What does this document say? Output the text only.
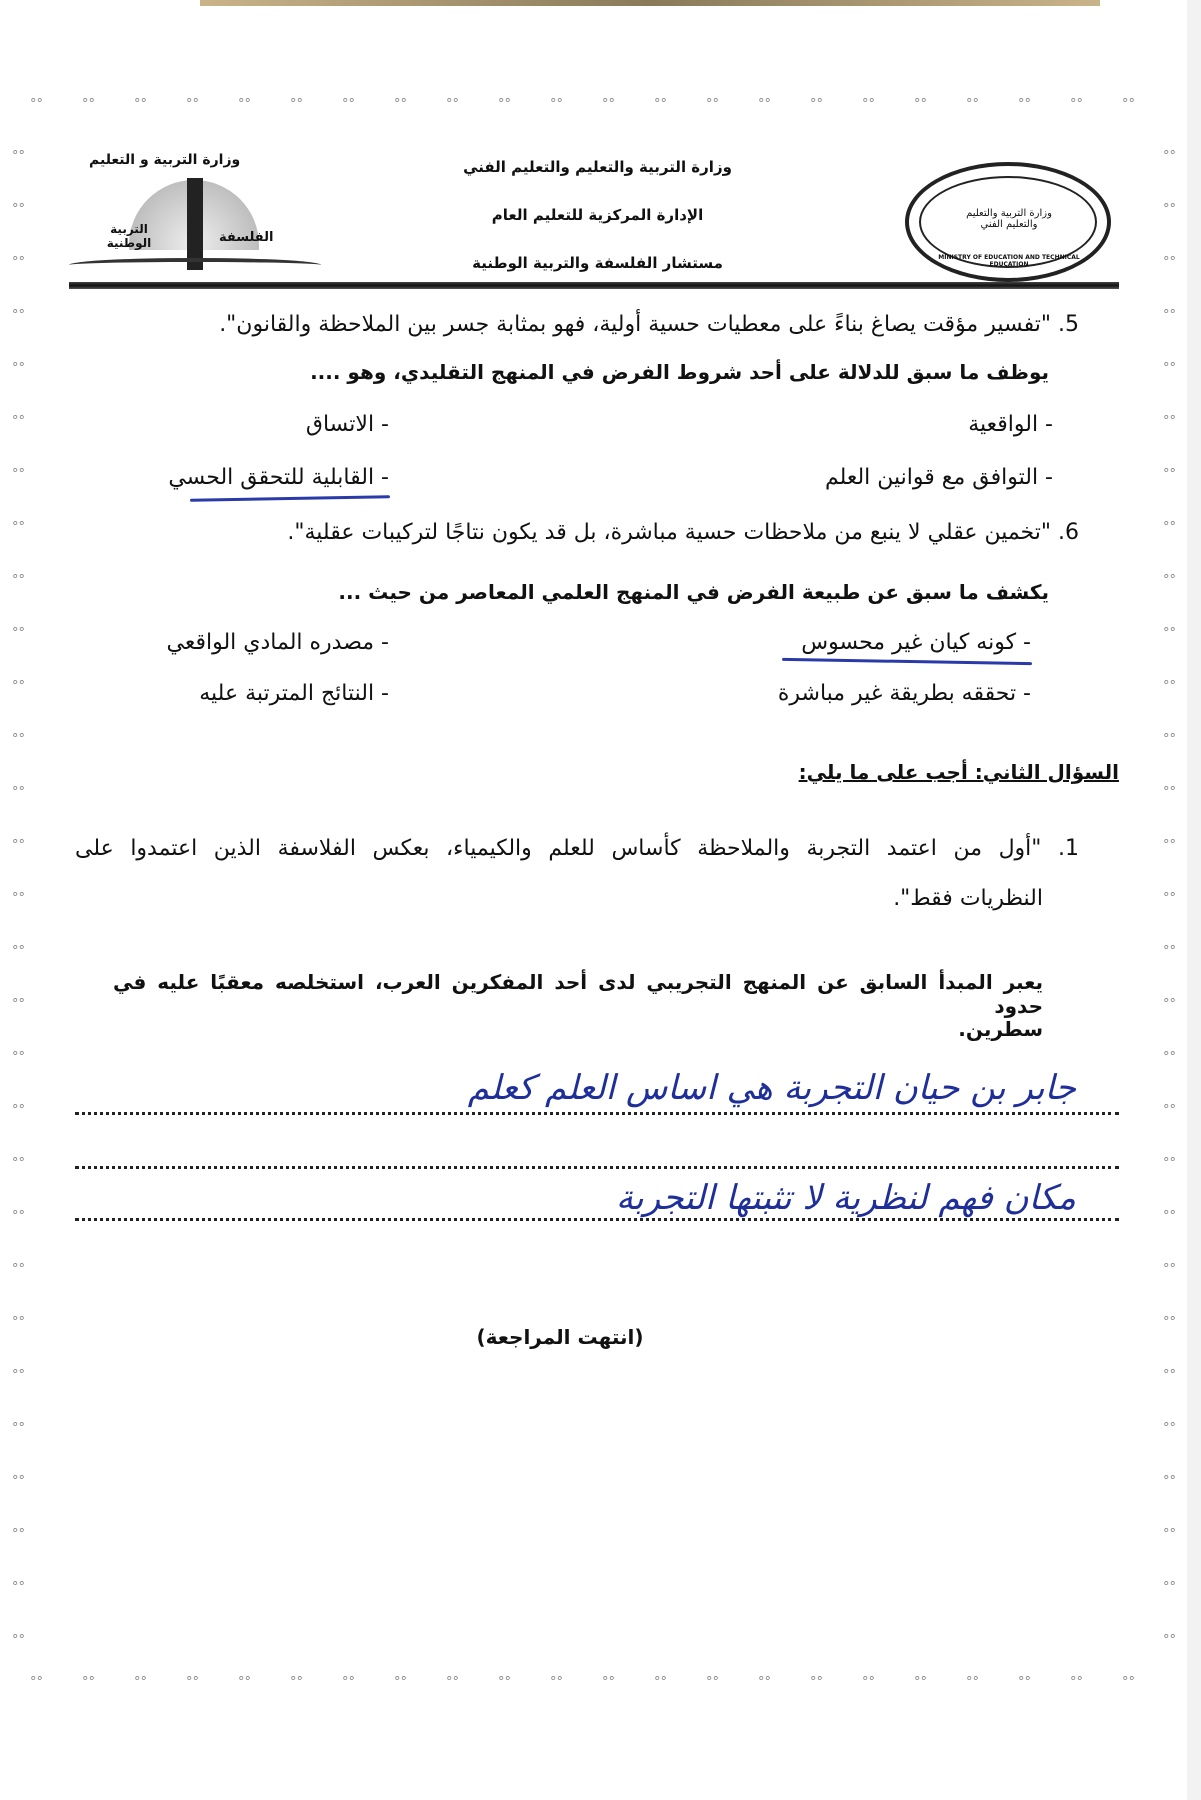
°°
°°
°°
°°
°°
°°
°°
°°
°°
°°
°°
°°
°°
°°
°°
°°
°°
°°
°°
°°
°°
°°
°°
°°
°°
°°
°°
°°
°°
°°
°°
°°
°°
°°
°°
°°
°°
°°
°°
°°
°°
°°
°°
°°
°°	°°
°°	°°
°°	°°
°°	°°
°°	°°
°°	°°
°°	°°
°°	°°
°°	°°
°°	°°
°°	°°
°°	°°
°°	°°
°°	°°
°°	°°
°°	°°
°°	°°
°°	°°
°°	°°
°°	°°
°°	°°
°°	°°
°°	°°
°°	°°
°°	°°
°°	°°
°°	°°
°°	°°
°°	°°
وزارة التربية و التعليم
الفلسفة
التربية الوطنية
وزارة التربية والتعليم والتعليم الفني
الإدارة المركزية للتعليم العام
مستشار الفلسفة والتربية الوطنية
وزارة التربية والتعليم والتعليم الفني
MINISTRY OF EDUCATION AND TECHNICAL EDUCATION
5. "تفسير مؤقت يصاغ بناءً على معطيات حسية أولية، فهو بمثابة جسر بين الملاحظة والقانون".
يوظف ما سبق للدلالة على أحد شروط الفرض في المنهج التقليدي، وهو ....
- الواقعية
- الاتساق
- التوافق مع قوانين العلم
- القابلية للتحقق الحسي
6. "تخمين عقلي لا ينبع من ملاحظات حسية مباشرة، بل قد يكون نتاجًا لتركيبات عقلية".
يكشف ما سبق عن طبيعة الفرض في المنهج العلمي المعاصر من حيث ...
- كونه كيان غير محسوس
- مصدره المادي الواقعي
- تحققه بطريقة غير مباشرة
- النتائج المترتبة عليه
السؤال الثاني: أجب على ما يلي:
1. "أول من اعتمد التجربة والملاحظة كأساس للعلم والكيمياء، بعكس الفلاسفة الذين اعتمدوا على
النظريات فقط".
يعبر المبدأ السابق عن المنهج التجريبي لدى أحد المفكرين العرب، استخلصه معقبًا عليه في حدود
سطرين.
جابر بن حيان التجربة هي اساس العلم كعلم
مكان فهم لنظرية لا تثبتها التجربة
(انتهت المراجعة)
